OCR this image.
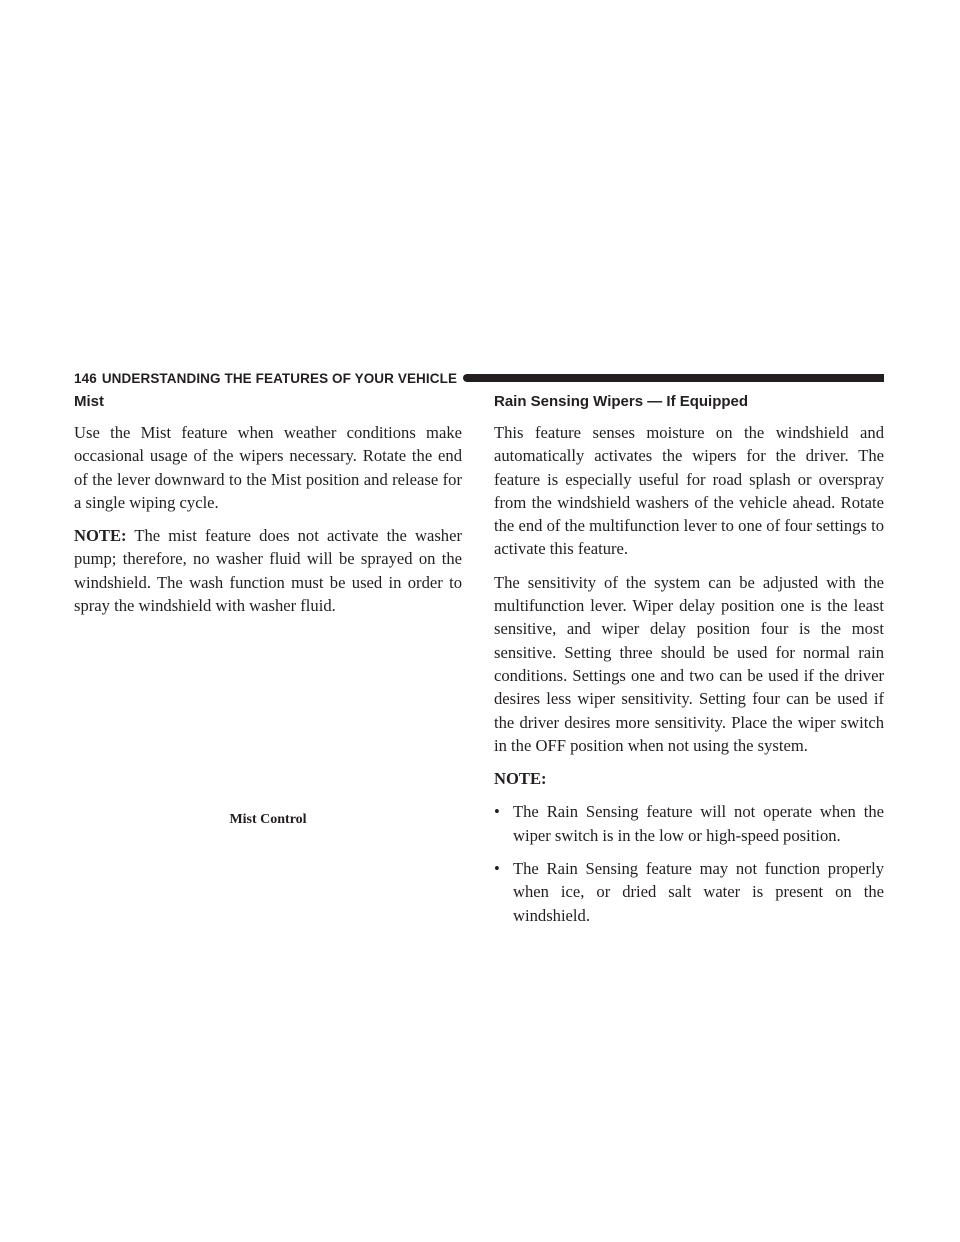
146 UNDERSTANDING THE FEATURES OF YOUR VEHICLE
Mist

Use the Mist feature when weather conditions make occasional usage of the wipers necessary. Rotate the end of the lever downward to the Mist position and release for a single wiping cycle.

NOTE: The mist feature does not activate the washer pump; therefore, no washer fluid will be sprayed on the windshield. The wash function must be used in order to spray the windshield with washer fluid.

Mist Control
Rain Sensing Wipers — If Equipped

This feature senses moisture on the windshield and automatically activates the wipers for the driver. The feature is especially useful for road splash or overspray from the windshield washers of the vehicle ahead. Rotate the end of the multifunction lever to one of four settings to activate this feature.

The sensitivity of the system can be adjusted with the multifunction lever. Wiper delay position one is the least sensitive, and wiper delay position four is the most sensitive. Setting three should be used for normal rain conditions. Settings one and two can be used if the driver desires less wiper sensitivity. Setting four can be used if the driver desires more sensitivity. Place the wiper switch in the OFF position when not using the system.

NOTE:

• The Rain Sensing feature will not operate when the wiper switch is in the low or high-speed position.
• The Rain Sensing feature may not function properly when ice, or dried salt water is present on the windshield.
